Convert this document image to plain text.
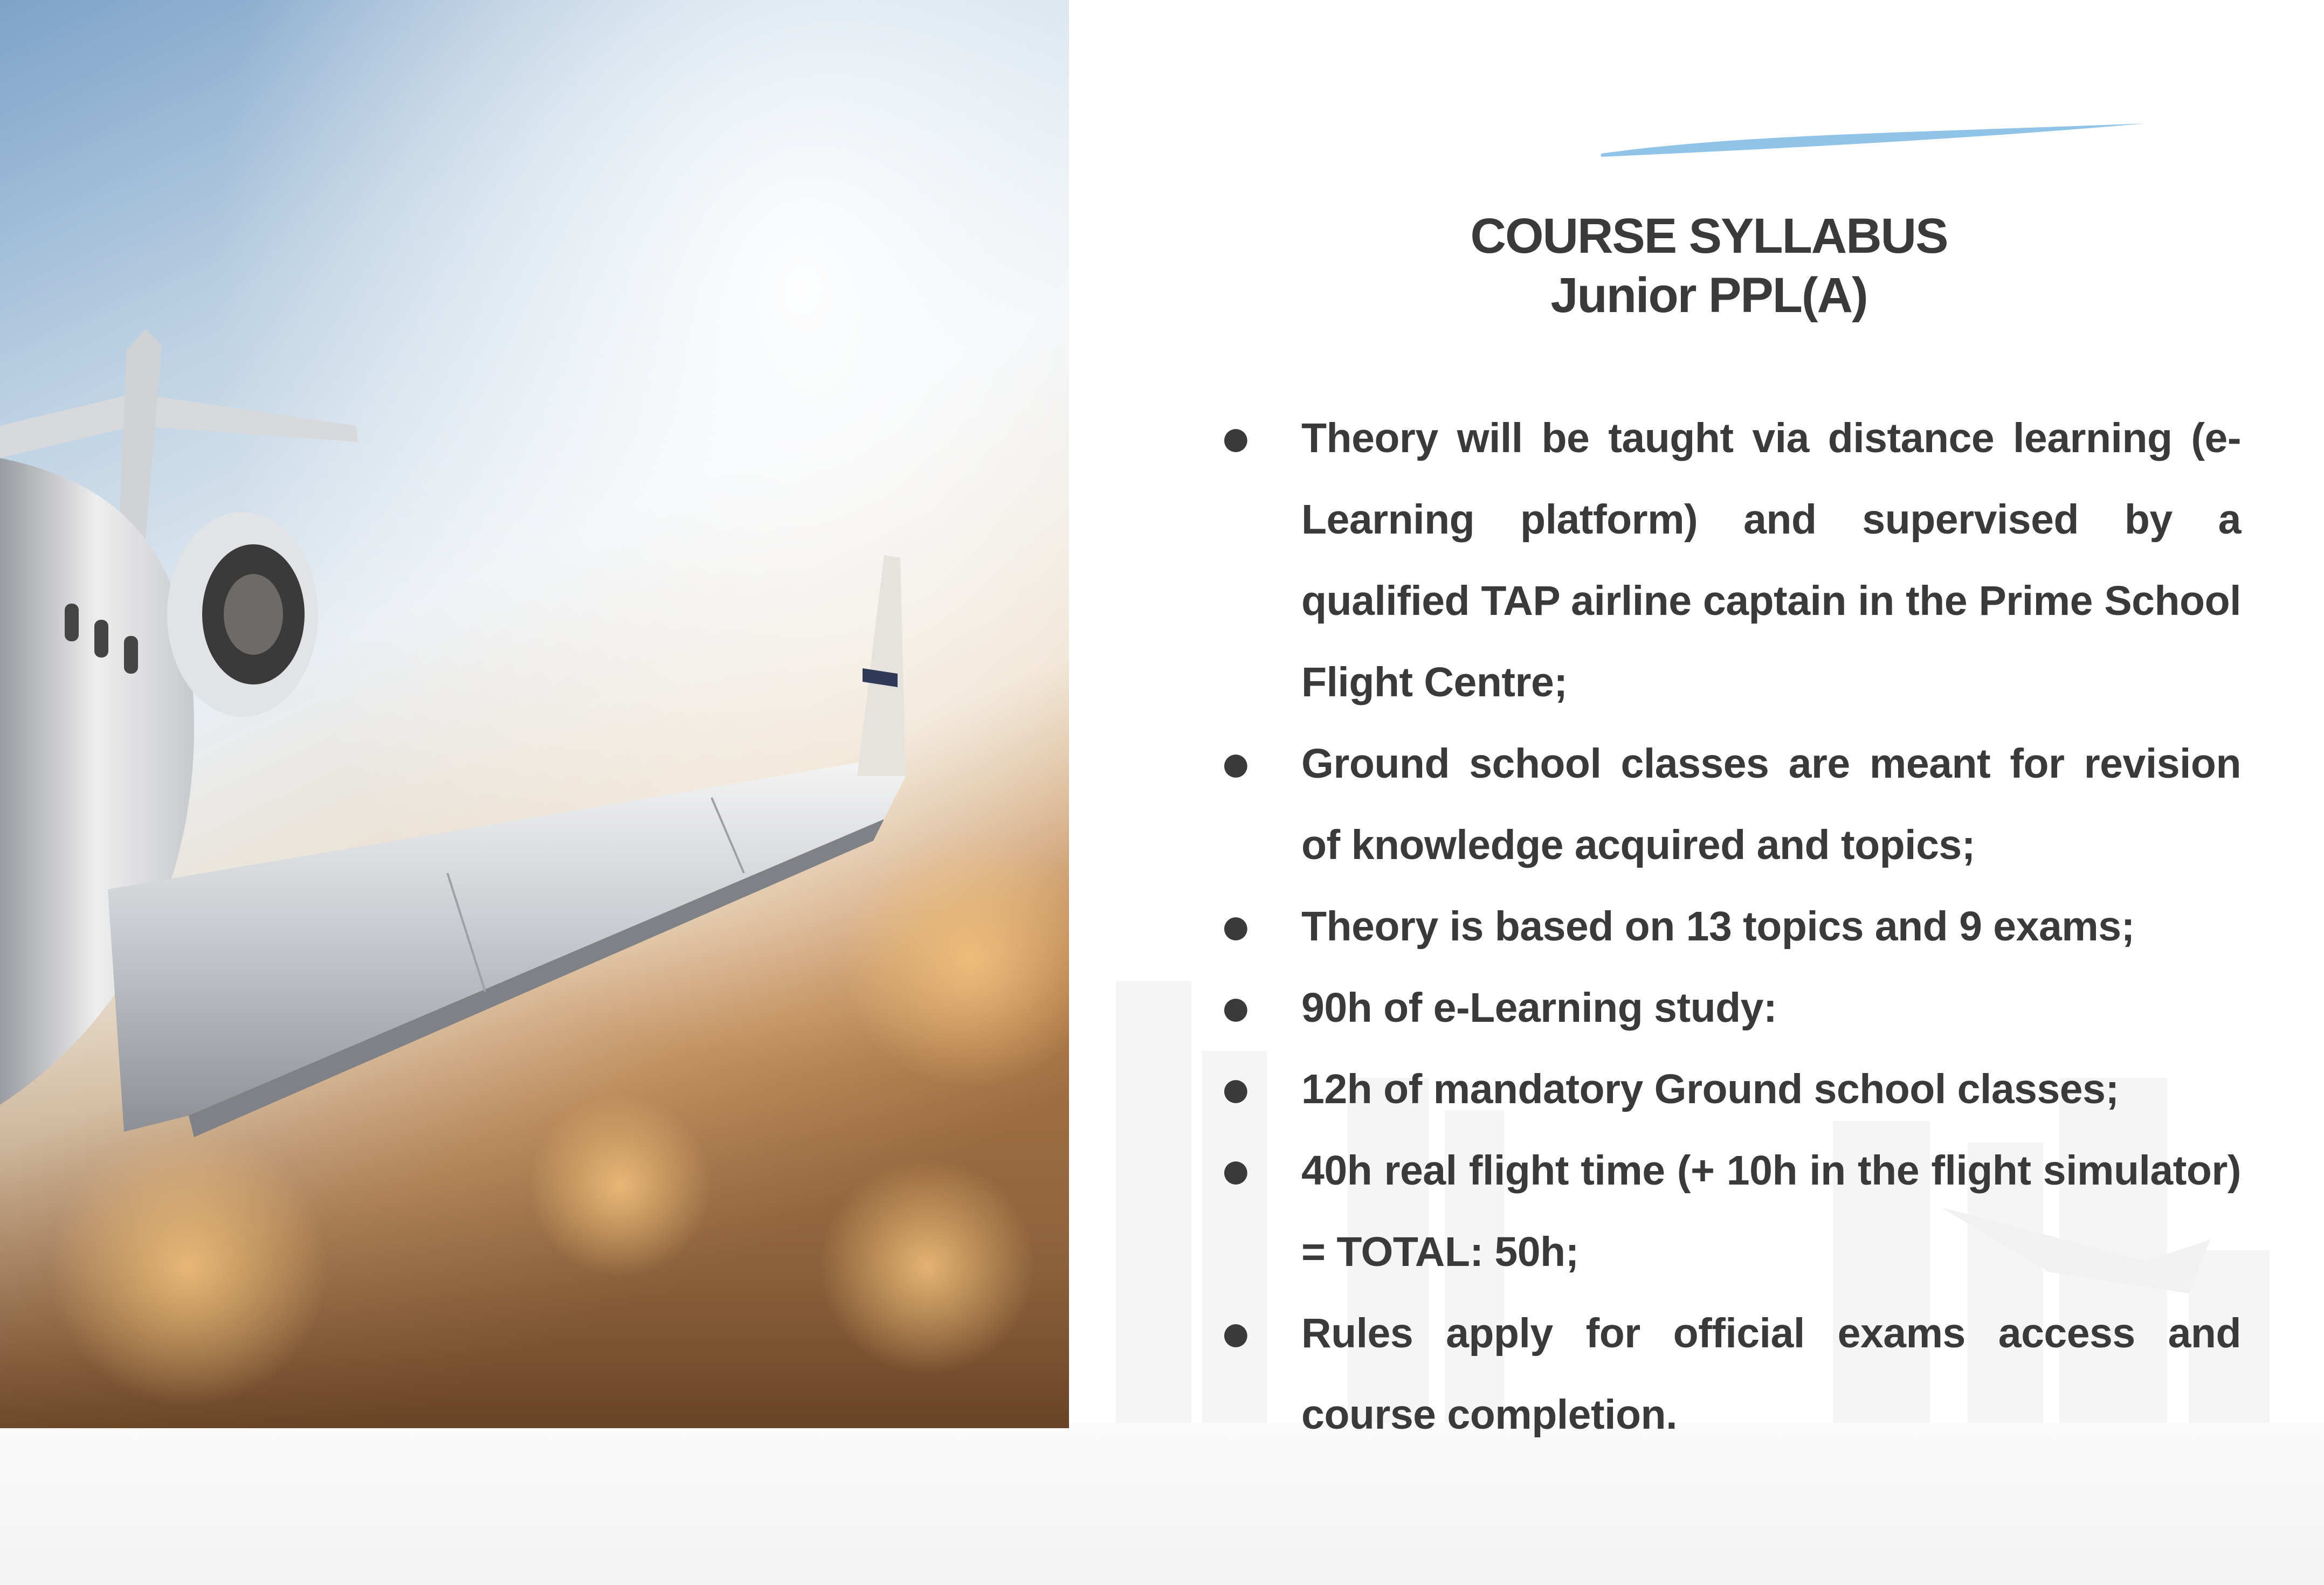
COURSE SYLLABUS
Junior PPL(A)
● Theory will be taught via distance learning (e-Learning platform) and supervised by a qualified TAP airline captain in the Prime School Flight Centre;
● Ground school classes are meant for revision of knowledge acquired and topics;
● Theory is based on 13 topics and 9 exams;
● 90h of e-Learning study:
● 12h of mandatory Ground school classes;
● 40h real flight time (+ 10h in the flight simulator) = TOTAL: 50h;
● Rules apply for official exams access and course completion.
